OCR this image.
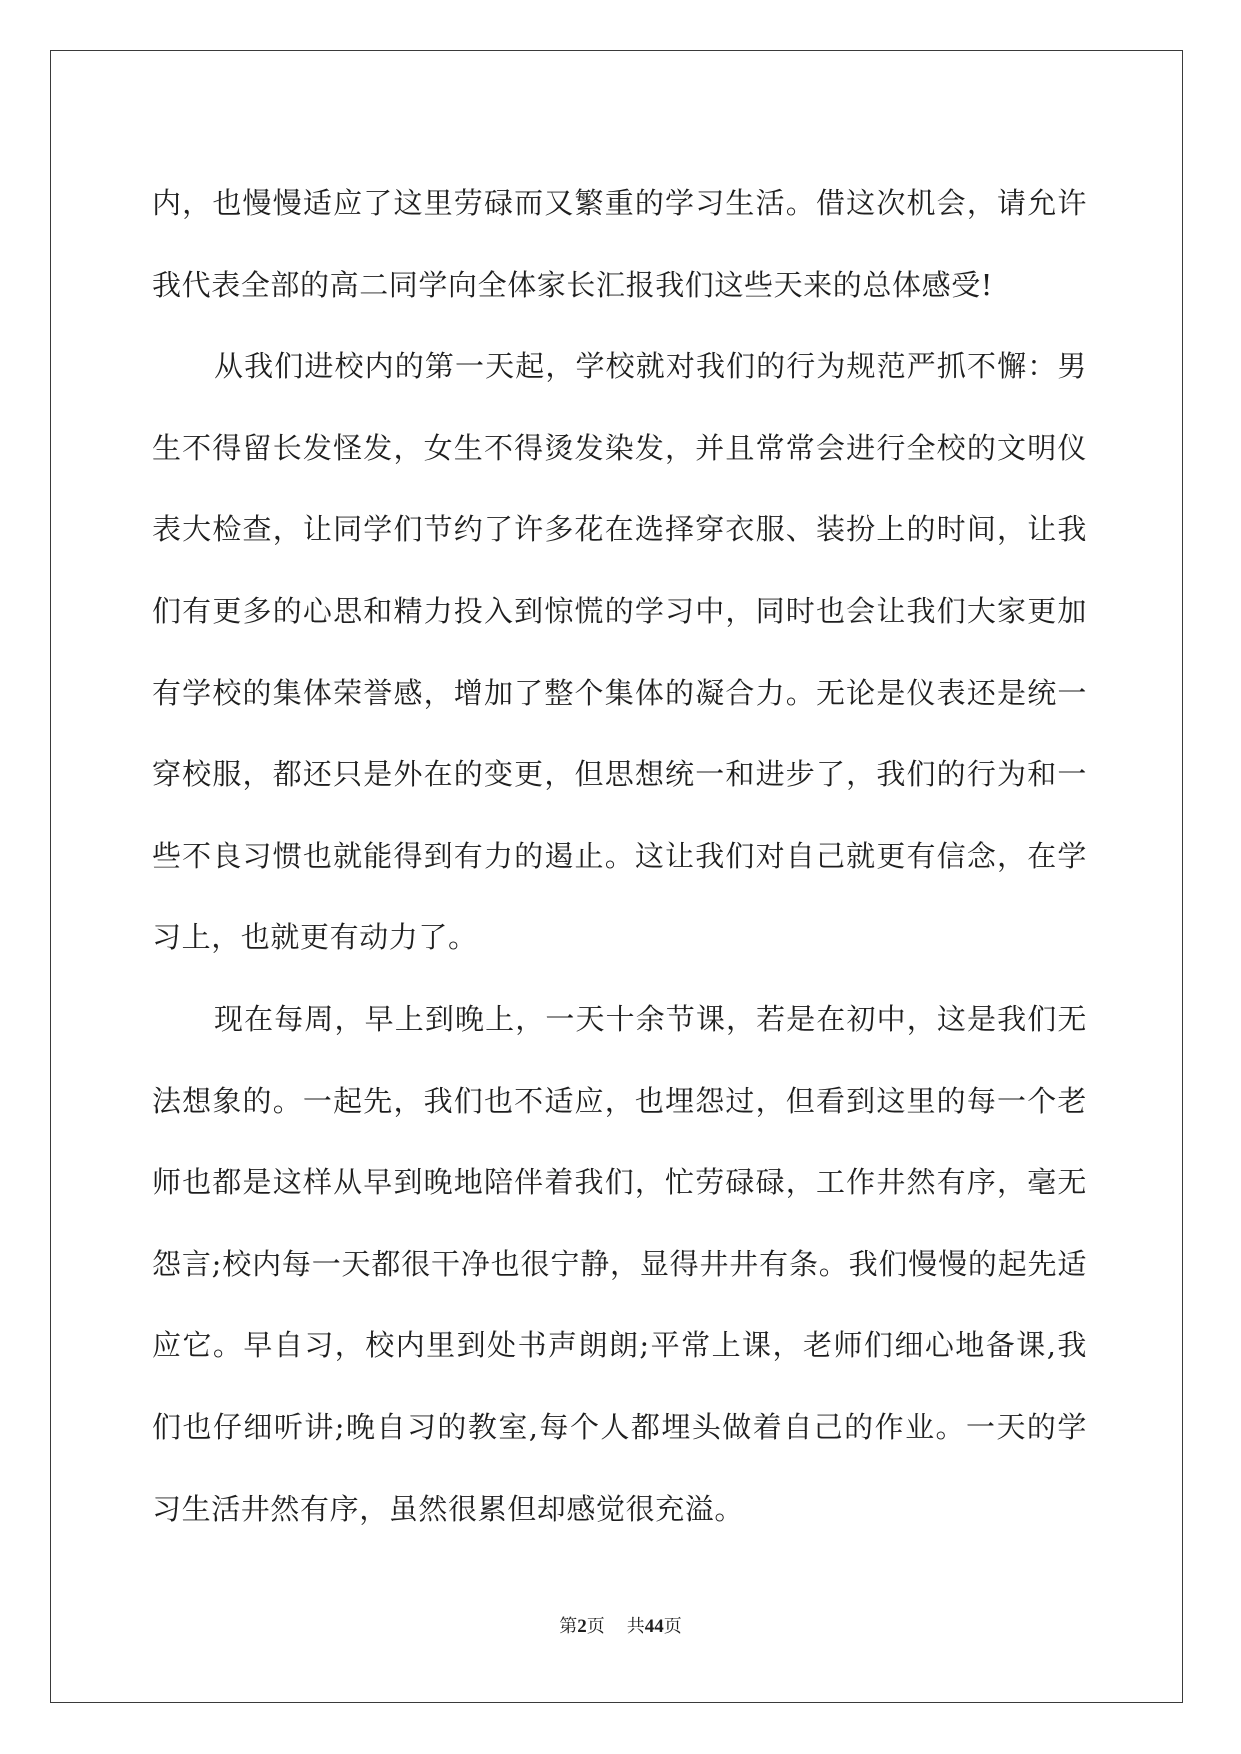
内，也慢慢适应了这里劳碌而又繁重的学习生活。借这次机会，请允许我代表全部的高二同学向全体家长汇报我们这些天来的总体感受!

从我们进校内的第一天起，学校就对我们的行为规范严抓不懈：男生不得留长发怪发，女生不得烫发染发，并且常常会进行全校的文明仪表大检查，让同学们节约了许多花在选择穿衣服、装扮上的时间，让我们有更多的心思和精力投入到惊慌的学习中，同时也会让我们大家更加有学校的集体荣誉感，增加了整个集体的凝合力。无论是仪表还是统一穿校服，都还只是外在的变更，但思想统一和进步了，我们的行为和一些不良习惯也就能得到有力的遏止。这让我们对自己就更有信念，在学习上，也就更有动力了。

现在每周，早上到晚上，一天十余节课，若是在初中，这是我们无法想象的。一起先，我们也不适应，也埋怨过，但看到这里的每一个老师也都是这样从早到晚地陪伴着我们，忙劳碌碌，工作井然有序，毫无怨言;校内每一天都很干净也很宁静，显得井井有条。我们慢慢的起先适应它。早自习，校内里到处书声朗朗;平常上课，老师们细心地备课,我们也仔细听讲;晚自习的教室,每个人都埋头做着自己的作业。一天的学习生活井然有序，虽然很累但却感觉很充溢。

第2页 共44页
